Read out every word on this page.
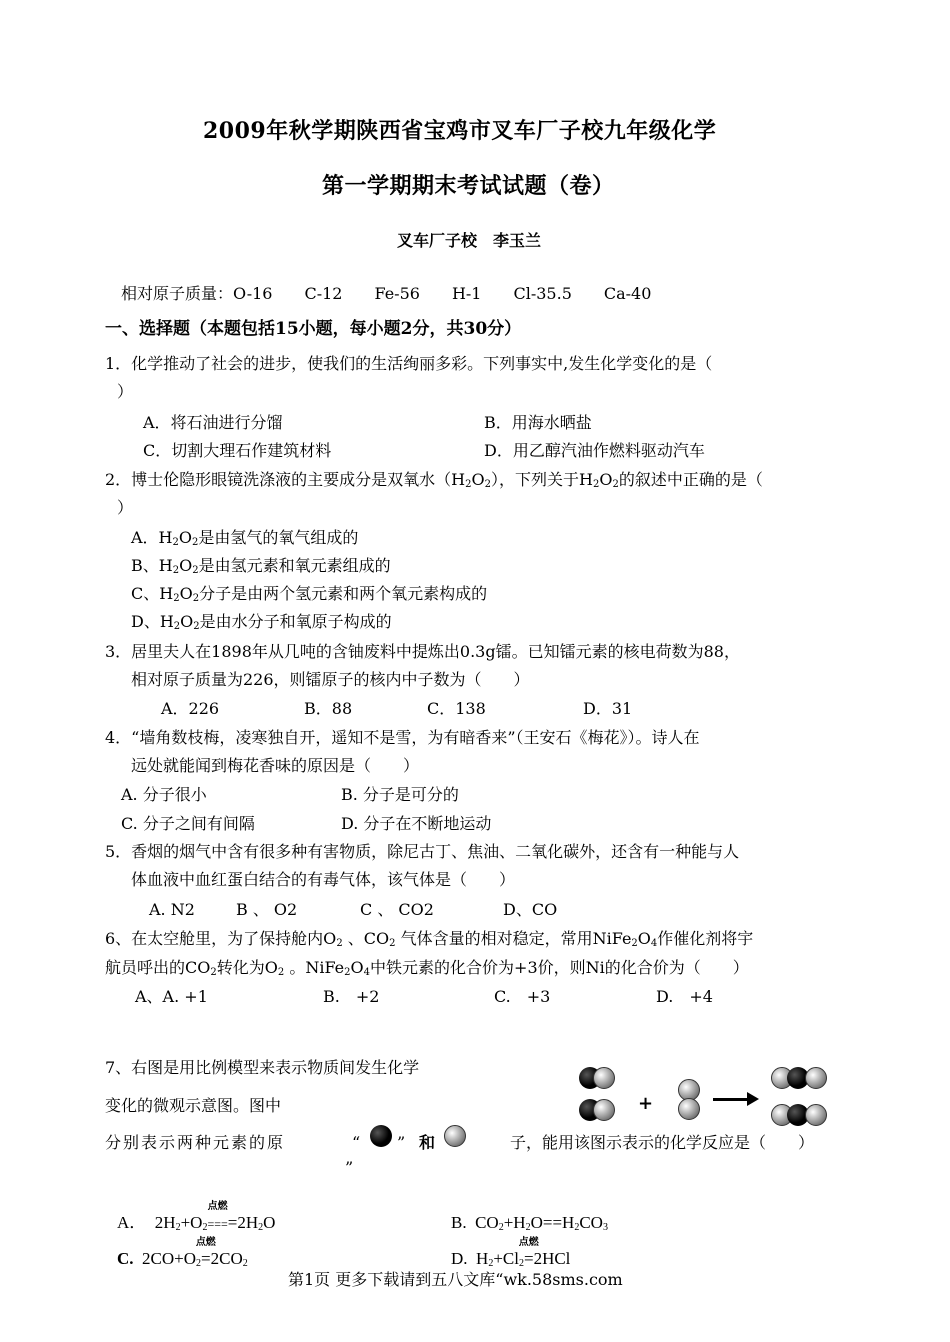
2009年秋学期陕西省宝鸡市叉车厂子校九年级化学
第一学期期末考试试题（卷）
叉车厂子校　李玉兰
相对原子质量：O-16　　C-12　　Fe-56　　H-1　　Cl-35.5　　Ca-40
一、选择题（本题包括15小题，每小题2分，共30分）
1．化学推动了社会的进步，使我们的生活绚丽多彩。下列事实中,发生化学变化的是（
）
A．将石油进行分馏	B．用海水晒盐
C．切割大理石作建筑材料	D．用乙醇汽油作燃料驱动汽车
2．博士伦隐形眼镜洗涤液的主要成分是双氧水$(H_2O_2)$，下列关于$H_2O_2$的叙述中正确的是（
）
A．$H_2O_2$是由氢气的氧气组成的
B、$H_2O_2$是由氢元素和氧元素组成的
C、$H_2O_2$分子是由两个氢元素和两个氧元素构成的
D、$H_2O_2$是由水分子和氧原子构成的
3．居里夫人在1898年从几吨的含铀废料中提炼出0.3g镭。已知镭元素的核电荷数为88，
相对原子质量为226，则镭原子的核内中子数为（　　）
A．226	B．88	C．138	D．31
4．“墙角数枝梅，凌寒独自开，遥知不是雪，为有暗香来”（王安石《梅花》）。诗人在
远处就能闻到梅花香味的原因是（　　）
A. 分子很小	B. 分子是可分的
C. 分子之间有间隔	D. 分子在不断地运动
5．香烟的烟气中含有很多种有害物质，除尼古丁、焦油、二氧化碳外，还含有一种能与人
体血液中血红蛋白结合的有毒气体，该气体是（　　）
A. N2	B 、 O2	C 、 CO2	D、CO
6、在太空舱里，为了保持舱内$O_2$ 、$CO_2$ 气体含量的相对稳定，常用$NiFe_2O_4$作催化剂将宇
航员呼出的$CO_2$转化为$O_2$ 。$NiFe_2O_4$中铁元素的化合价为+3价，则Ni的化合价为（　　）
A、A. +1	B.　+2	C.　+3	D.　+4
7、右图是用比例模型来表示物质间发生化学
变化的微观示意图。图中
分别表示两种元素的原	“ ” 和
”
子，能用该图示表示的化学反应是（　　）
+
A． $2H_2+O_2$
点燃
$====2H_2O$	B. $CO_2+H_2O==H_2CO_3$
C. $2CO+O_2$
点燃
$=2CO_2$	D. $H_2+Cl_2$
点燃
=2HCl
第1页 更多下载请到五八文库“wk.58sms.com
